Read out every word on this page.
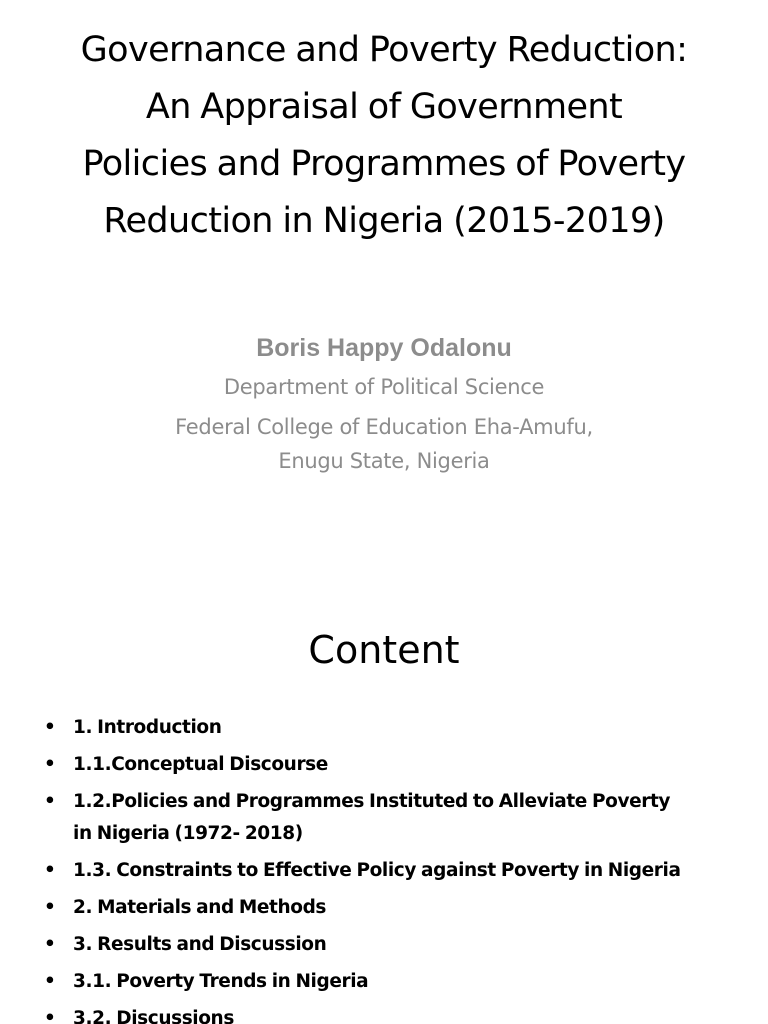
Governance and Poverty Reduction:
An Appraisal of Government
Policies and Programmes of Poverty
Reduction in Nigeria (2015-2019)

Boris Happy Odalonu

Department of Political Science
Federal College of Education Eha-Amufu,
Enugu State, Nigeria
Content
• 1. Introduction
• 1.1.Conceptual Discourse
• 1.2.Policies and Programmes Instituted to Alleviate Poverty
in Nigeria (1972- 2018)
• 1.3. Constraints to Effective Policy against Poverty in Nigeria
• 2. Materials and Methods
• 3. Results and Discussion
• 3.1. Poverty Trends in Nigeria
• 3.2. Discussions
